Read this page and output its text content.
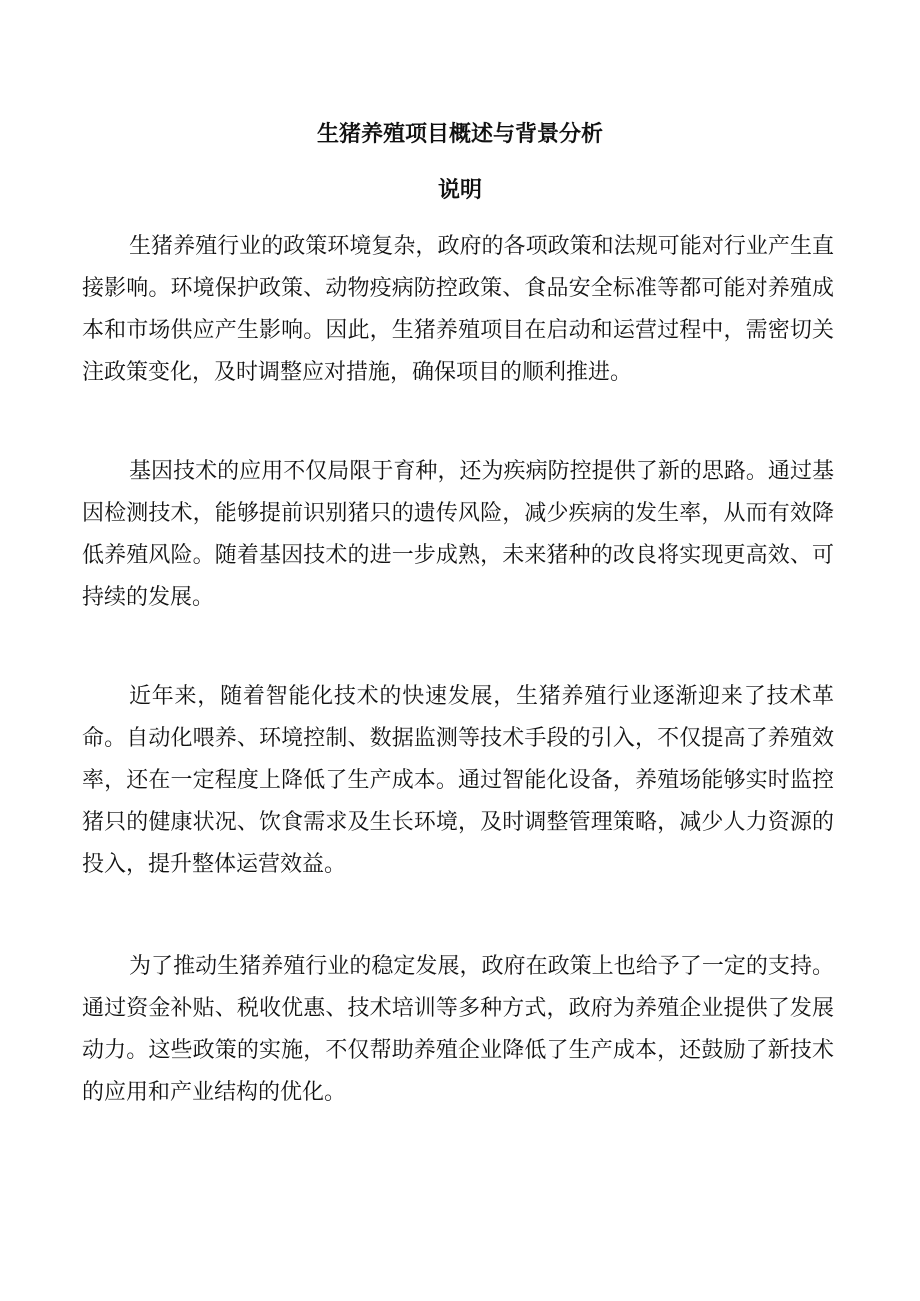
生猪养殖项目概述与背景分析
说明

生猪养殖行业的政策环境复杂，政府的各项政策和法规可能对行业产生直接影响。环境保护政策、动物疫病防控政策、食品安全标准等都可能对养殖成本和市场供应产生影响。因此，生猪养殖项目在启动和运营过程中，需密切关注政策变化，及时调整应对措施，确保项目的顺利推进。

基因技术的应用不仅局限于育种，还为疾病防控提供了新的思路。通过基因检测技术，能够提前识别猪只的遗传风险，减少疾病的发生率，从而有效降低养殖风险。随着基因技术的进一步成熟，未来猪种的改良将实现更高效、可持续的发展。

近年来，随着智能化技术的快速发展，生猪养殖行业逐渐迎来了技术革命。自动化喂养、环境控制、数据监测等技术手段的引入，不仅提高了养殖效率，还在一定程度上降低了生产成本。通过智能化设备，养殖场能够实时监控猪只的健康状况、饮食需求及生长环境，及时调整管理策略，减少人力资源的投入，提升整体运营效益。

为了推动生猪养殖行业的稳定发展，政府在政策上也给予了一定的支持。通过资金补贴、税收优惠、技术培训等多种方式，政府为养殖企业提供了发展动力。这些政策的实施，不仅帮助养殖企业降低了生产成本，还鼓励了新技术的应用和产业结构的优化。
